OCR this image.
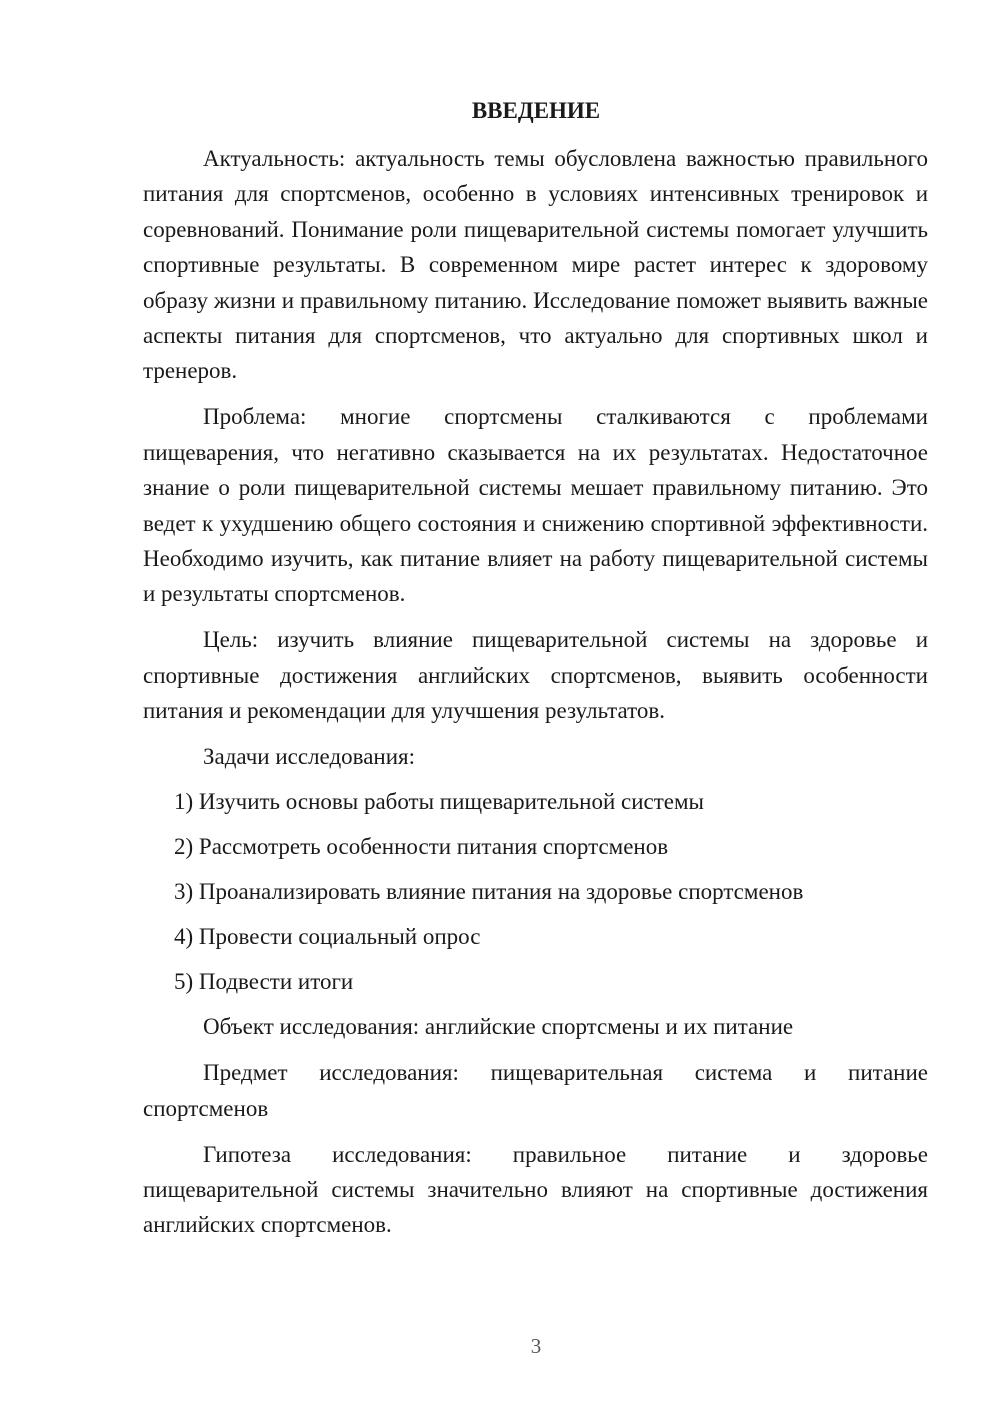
ВВЕДЕНИЕ

Актуальность: актуальность темы обусловлена важностью правильного питания для спортсменов, особенно в условиях интенсивных тренировок и соревнований. Понимание роли пищеварительной системы помогает улучшить спортивные результаты. В современном мире растет интерес к здоровому образу жизни и правильному питанию. Исследование поможет выявить важные аспекты питания для спортсменов, что актуально для спортивных школ и тренеров.

Проблема: многие спортсмены сталкиваются с проблемами пищеварения, что негативно сказывается на их результатах. Недостаточное знание о роли пищеварительной системы мешает правильному питанию. Это ведет к ухудшению общего состояния и снижению спортивной эффективности. Необходимо изучить, как питание влияет на работу пищеварительной системы и результаты спортсменов.

Цель: изучить влияние пищеварительной системы на здоровье и спортивные достижения английских спортсменов, выявить особенности питания и рекомендации для улучшения результатов.

Задачи исследования:

1) Изучить основы работы пищеварительной системы
2) Рассмотреть особенности питания спортсменов
3) Проанализировать влияние питания на здоровье спортсменов
4) Провести социальный опрос
5) Подвести итоги

Объект исследования: английские спортсмены и их питание

Предмет исследования: пищеварительная система и питание спортсменов

Гипотеза исследования: правильное питание и здоровье пищеварительной системы значительно влияют на спортивные достижения английских спортсменов.

3
